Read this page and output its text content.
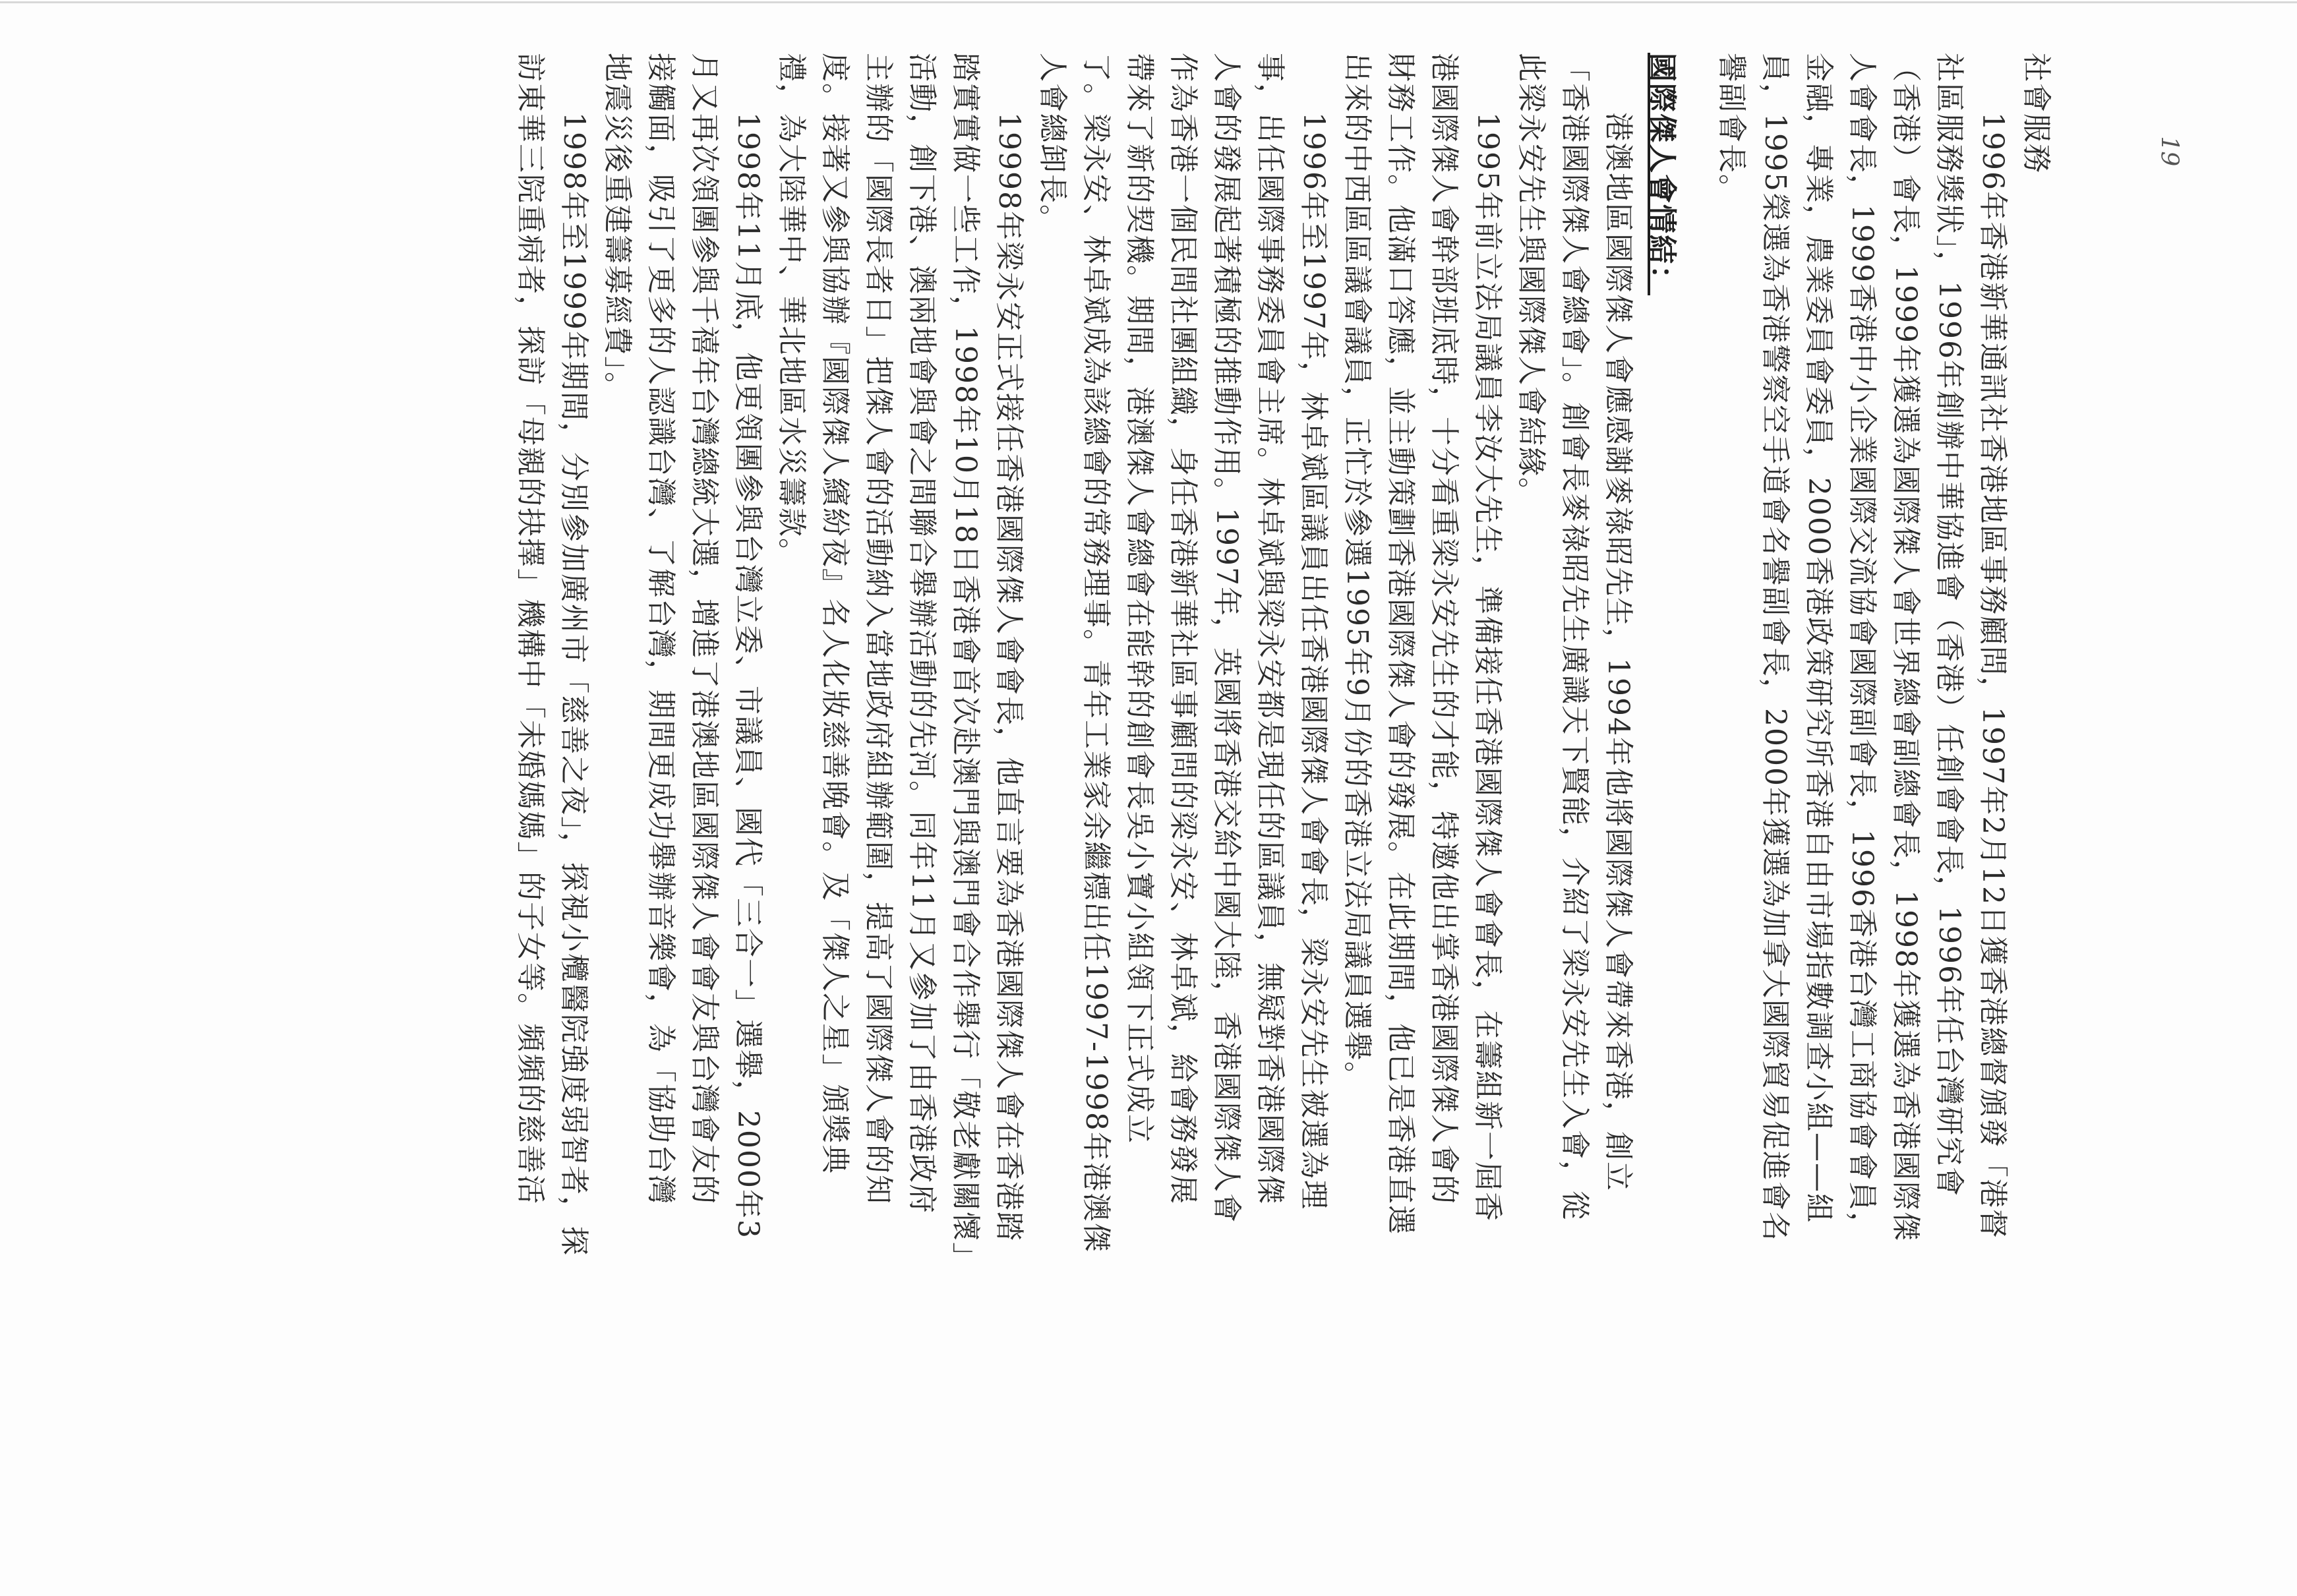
19
社會服務
1996年香港新華通訊社香港地區事務顧問，1997年2月12日獲香港總督頒發「港督
社區服務獎狀」，1996年創辦中華協進會（香港）任創會會長，1996年任台灣研究會
（香港）會長，1999年獲選為國際傑人會世界總會副總會長，1998年獲選為香港國際傑
人會會長，1999香港中小企業國際交流協會國際副會長，1996香港台灣工商協會會員，
金融，專業，農業委員會委員，2000香港政策研究所香港自由市場指數調查小組——組
員，1995榮選為香港警察空手道會名譽副會長，2000年獲選為加拿大國際貿易促進會名
譽副會長。
國際傑人會情結：
港澳地區國際傑人會應感謝麥祿昭先生，1994年他將國際傑人會帶來香港，創立
「香港國際傑人會總會」。創會長麥祿昭先生廣識天下賢能，介紹了梁永安先生入會，從
此梁永安先生與國際傑人會結緣。
1995年前立法局議員李汝大先生，準備接任香港國際傑人會會長，在籌組新一屆香
港國際傑人會幹部班底時，十分看重梁永安先生的才能，特邀他出掌香港國際傑人會的
財務工作。他滿口答應，並主動策劃香港國際傑人會的發展。在此期間，他已是香港直選
出來的中西區區議會議員，正忙於參選1995年9月份的香港立法局議員選舉。
1996年至1997年，林卓斌區議員出任香港國際傑人會會長，梁永安先生被選為理
事，出任國際事務委員會主席。林卓斌與梁永安都是現任的區議員，無疑對香港國際傑
人會的發展起著積極的推動作用。1997年，英國將香港交給中國大陸，香港國際傑人會
作為香港一個民間社團組織，身任香港新華社區事顧問的梁永安、林卓斌，給會務發展
帶來了新的契機。期間，港澳傑人會總會在能幹的創會長吳小寶小組領下正式成立
了。梁永安、林卓斌成為該總會的常務理事。青年工業家余繼標出任1997-1998年港澳傑
人會總卸長。
19998年梁永安正式接任香港國際傑人會會長，他直言要為香港國際傑人會在香港踏
踏實實做一些工作，1998年10月18日香港會首次赴澳門與澳門會合作舉行「敬老獻關懷」
活動，創下港、澳兩地會與會之間聯合舉辦活動的先河。同年11月又參加了由香港政府
主辦的「國際長者日」把傑人會的活動納入當地政府組辦範圍，提高了國際傑人會的知
度。接著又參與協辦『國際傑人繽紛夜』名人化妝慈善晚會。及「傑人之星」頒獎典
禮，為大陸華中、華北地區水災籌款。
1998年11月底，他更領團參與台灣立委、市議員、國代「三合一」選舉，2000年3
月又再次領團參與千禧年台灣總統大選，增進了港澳地區國際傑人會會友與台灣會友的
接觸面，吸引了更多的人認識台灣、了解台灣，期間更成功舉辦音樂會，為「協助台灣
地震災後重建籌募經費」。
1998年至1999年期間，分別參加廣州市「慈善之夜」，探視小欖醫院強度弱智者，探
訪東華三院重病者，探訪「母親的抉擇」機構中「未婚媽媽」的子女等。頻頻的慈善活
